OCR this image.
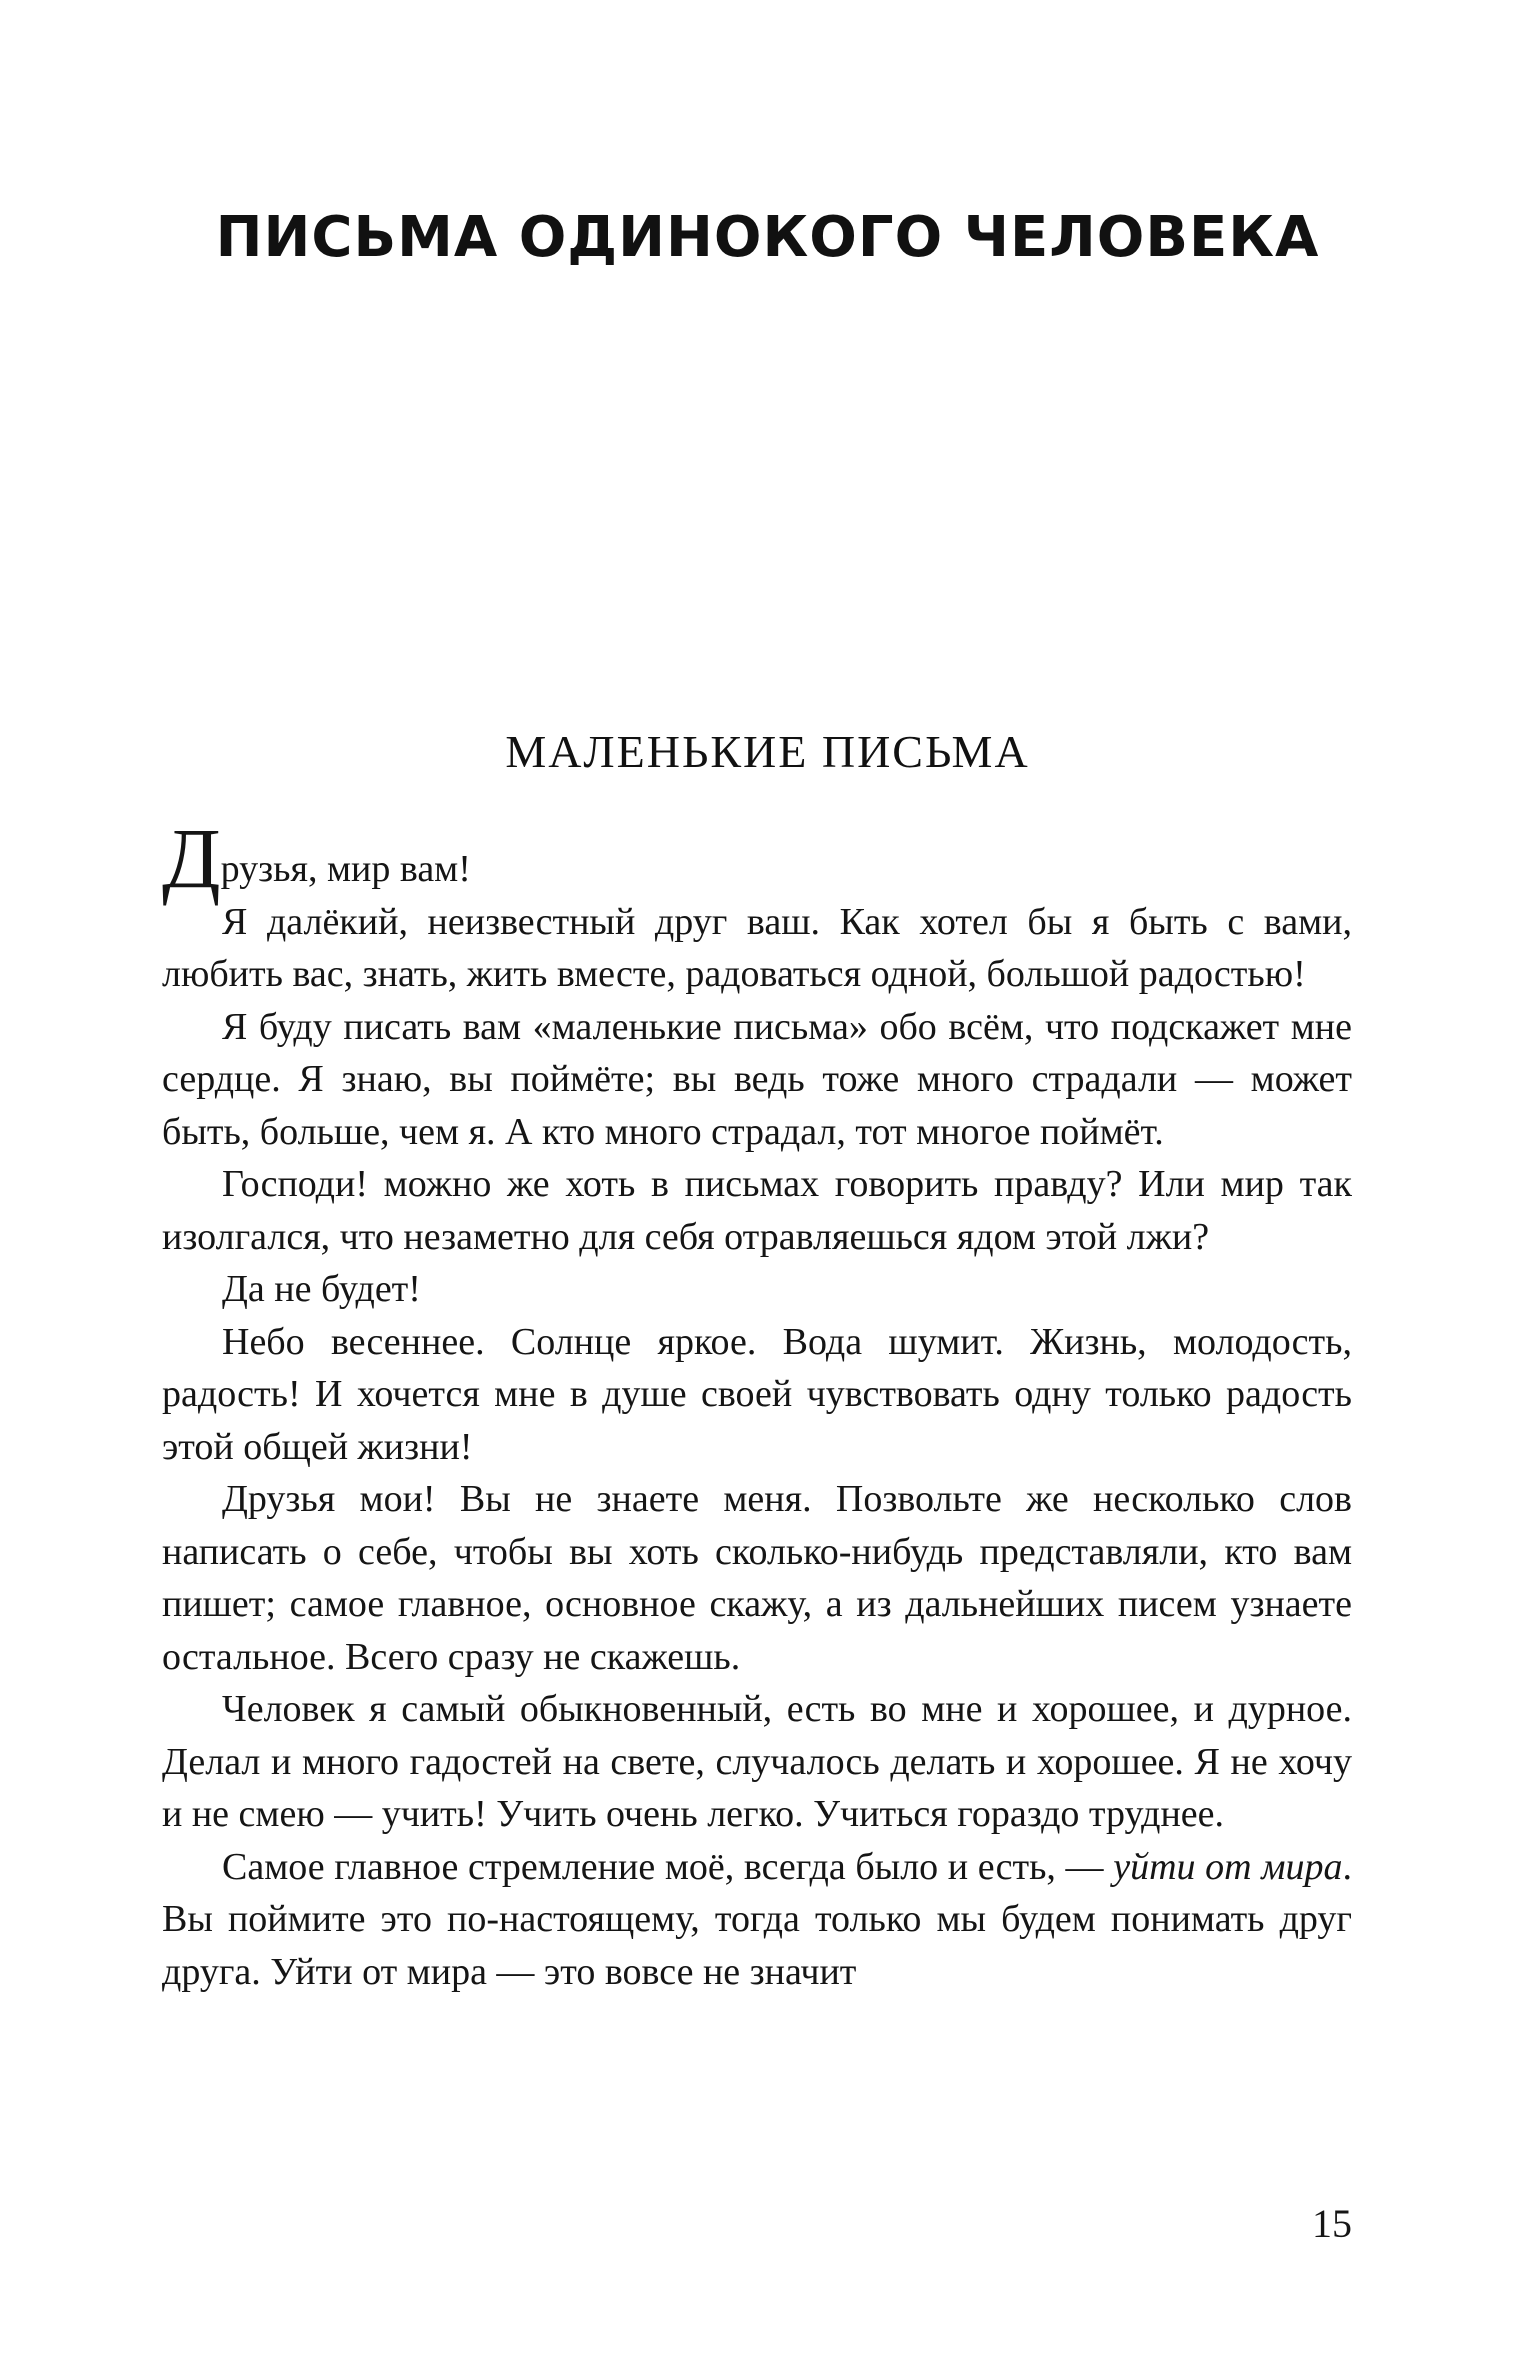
ПИСЬМА ОДИНОКОГО ЧЕЛОВЕКА
МАЛЕНЬКИЕ ПИСЬМА

Друзья, мир вам!

Я далёкий, неизвестный друг ваш. Как хотел бы я быть с вами, любить вас, знать, жить вместе, радоваться одной, большой радостью!

Я буду писать вам «маленькие письма» обо всём, что подскажет мне сердце. Я знаю, вы поймёте; вы ведь тоже много страдали — может быть, больше, чем я. А кто много страдал, тот многое поймёт.

Господи! можно же хоть в письмах говорить правду? Или мир так изолгался, что незаметно для себя отравляешься ядом этой лжи?

Да не будет!

Небо весеннее. Солнце яркое. Вода шумит. Жизнь, молодость, радость! И хочется мне в душе своей чувствовать одну только радость этой общей жизни!

Друзья мои! Вы не знаете меня. Позвольте же несколько слов написать о себе, чтобы вы хоть сколько-нибудь представляли, кто вам пишет; самое главное, основное скажу, а из дальнейших писем узнаете остальное. Всего сразу не скажешь.

Человек я самый обыкновенный, есть во мне и хорошее, и дурное. Делал и много гадостей на свете, случалось делать и хорошее. Я не хочу и не смею — учить! Учить очень легко. Учиться гораздо труднее.

Самое главное стремление моё, всегда было и есть, — уйти от мира. Вы поймите это по-настоящему, тогда только мы будем понимать друг друга. Уйти от мира — это вовсе не значит

15
